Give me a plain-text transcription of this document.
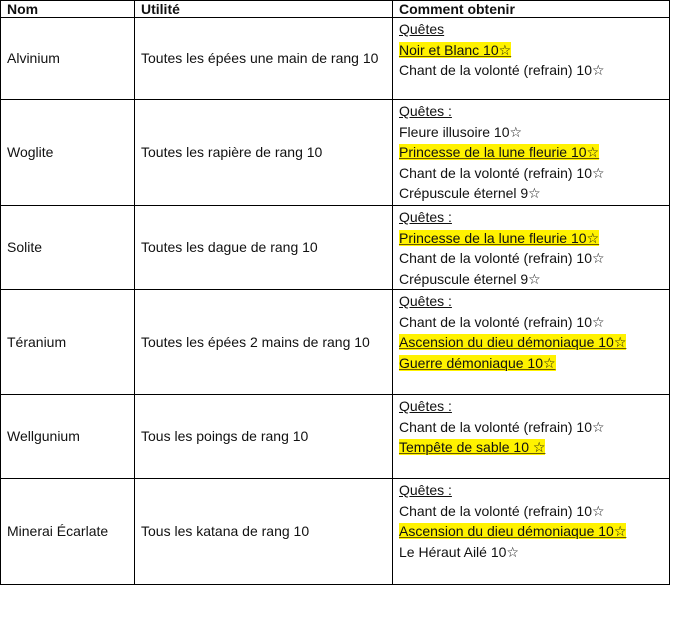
Nom	Utilité	Comment obtenir
Alvinium	Toutes les épées une main de rang 10	Quêtes
Noir et Blanc 10☆
Chant de la volonté (refrain) 10☆

Woglite	Toutes les rapière de rang 10	Quêtes :
Fleure illusoire 10☆
Princesse de la lune fleurie 10☆
Chant de la volonté (refrain) 10☆
Crépuscule éternel 9☆

Solite	Toutes les dague de rang 10	Quêtes :
Princesse de la lune fleurie 10☆
Chant de la volonté (refrain) 10☆
Crépuscule éternel 9☆

Téranium	Toutes les épées 2 mains de rang 10	Quêtes :
Chant de la volonté (refrain) 10☆
Ascension du dieu démoniaque 10☆
Guerre démoniaque 10☆

Wellgunium	Tous les poings de rang 10	Quêtes :
Chant de la volonté (refrain) 10☆
Tempête de sable 10 ☆

Minerai Écarlate	Tous les katana de rang 10	Quêtes :
Chant de la volonté (refrain) 10☆
Ascension du dieu démoniaque 10☆
Le Héraut Ailé 10☆
